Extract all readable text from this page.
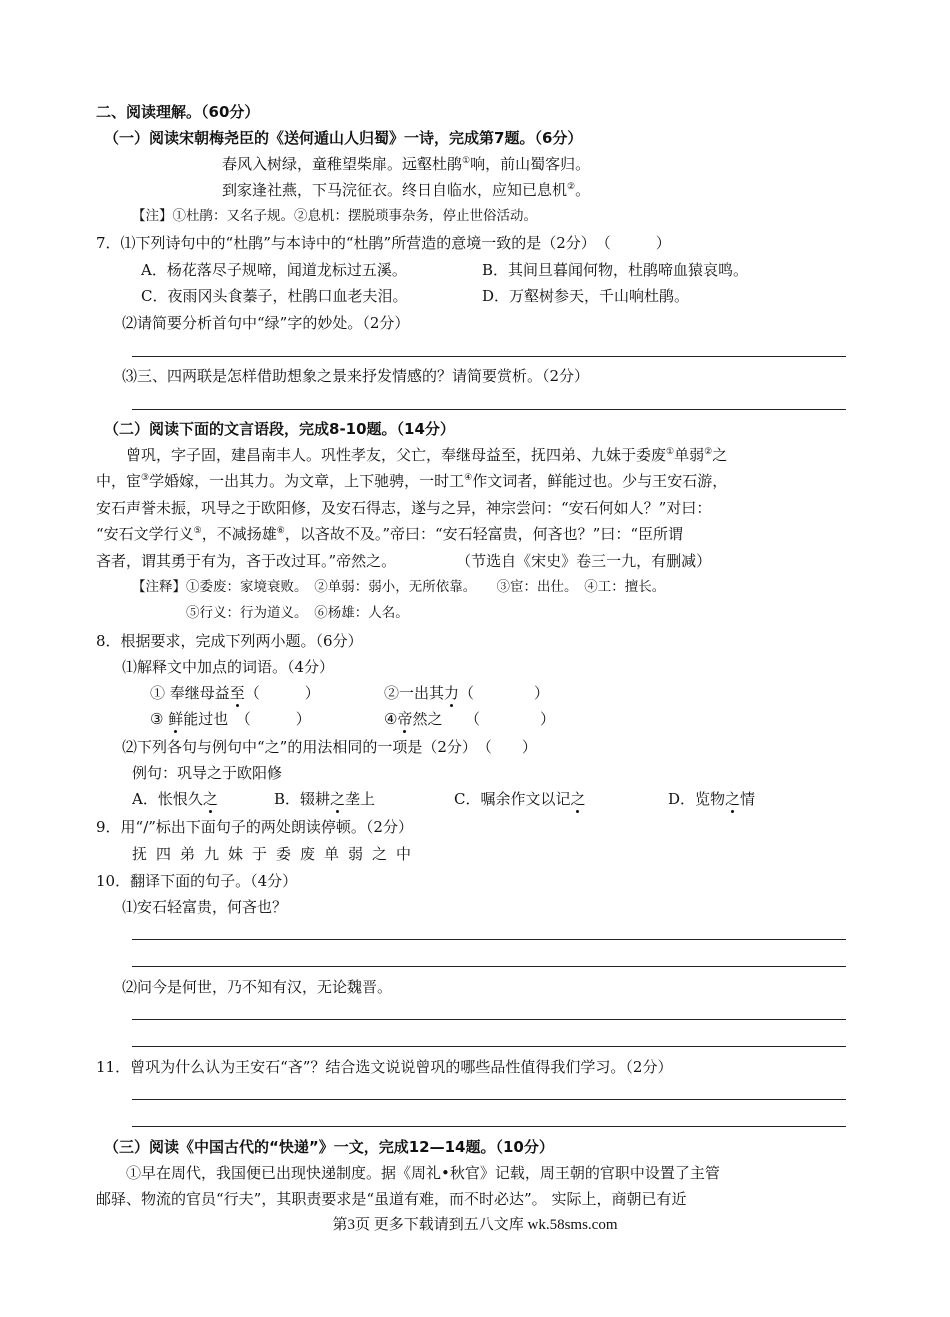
二、阅读理解。（60分）
（一）阅读宋朝梅尧臣的《送何遁山人归蜀》一诗，完成第7题。（6分）
春风入树绿，童稚望柴扉。远壑杜鹃①响，前山蜀客归。
到家逢社燕，下马浣征衣。终日自临水，应知已息机②。
【注】①杜鹃：又名子规。②息机：摆脱琐事杂务，停止世俗活动。
7．⑴下列诗句中的“杜鹃”与本诗中的“杜鹃”所营造的意境一致的是（2分）　（　　　）
A．杨花落尽子规啼，闻道龙标过五溪。	B．其间旦暮闻何物，杜鹃啼血猿哀鸣。
C．夜雨冈头食蓁子，杜鹃口血老夫泪。	D．万壑树参天，千山响杜鹃。
⑵请简要分析首句中“绿”字的妙处。（2分）
⑶三、四两联是怎样借助想象之景来抒发情感的？请简要赏析。（2分）
（二）阅读下面的文言语段，完成8-10题。（14分）
　　曾巩，字子固，建昌南丰人。巩性孝友，父亡，奉继母益至，抚四弟、九妹于委废①单弱②之
中，宦③学婚嫁，一出其力。为文章，上下驰骋，一时工④作文词者，鲜能过也。少与王安石游，
安石声誉未振，巩导之于欧阳修，及安石得志，遂与之异，神宗尝问：“安石何如人？”对曰：
“安石文学行义⑤，不减扬雄⑥，以吝故不及。”帝曰：“安石轻富贵，何吝也？”曰：“臣所谓
吝者，谓其勇于有为，吝于改过耳。”帝然之。　　　　　（节选自《宋史》卷三一九，有删减）
【注释】①委废：家境衰败。　②单弱：弱小，无所依靠。　　③宦：出仕。　④工：擅长。
⑤行义：行为道义。　⑥杨雄：人名。
8．根据要求，完成下列两小题。（6分）
⑴解释文中加点的词语。（4分）
① 奉继母益至（　　　）	②一出其力（　　　　）
③ 鲜能过也　（　　　）	④帝然之　　（　　　　）
⑵下列各句与例句中“之”的用法相同的一项是（2分）　（　　）
例句：巩导之于欧阳修
A．怅恨久之	B．辍耕之垄上	C．嘱余作文以记之	D．览物之情
9．用“/”标出下面句子的两处朗读停顿。（2分）
抚四弟九妹于委废单弱之中
10．翻译下面的句子。（4分）
⑴安石轻富贵，何吝也？
⑵问今是何世，乃不知有汉，无论魏晋。
11．曾巩为什么认为王安石“吝”？结合选文说说曾巩的哪些品性值得我们学习。（2分）
（三）阅读《中国古代的“快递”》一文，完成12—14题。（10分）
　　①早在周代，我国便已出现快递制度。据《周礼•秋官》记载，周王朝的官职中设置了主管
邮驿、物流的官员“行夫”，其职责要求是“虽道有难，而不时必达”。 实际上，商朝已有近
第3页 更多下载请到五八文库 wk.58sms.com
